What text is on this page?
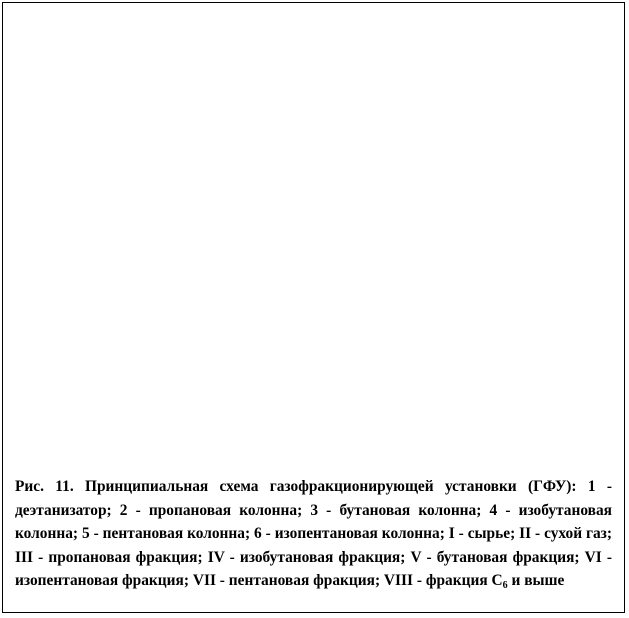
Рис. 11. Принципиальная схема газофракционирующей установки (ГФУ): 1 - деэтанизатор; 2 - пропановая колонна; 3 - бутановая колонна; 4 - изобутановая колонна; 5 - пентановая колонна; 6 - изопентановая колонна; I - сырье; II - сухой газ; III - пропановая фракция; IV - изобутановая фракция; V - бутановая фракция; VI - изопентановая фракция; VII - пентановая фракция; VIII - фракция $С_6$ и выше
